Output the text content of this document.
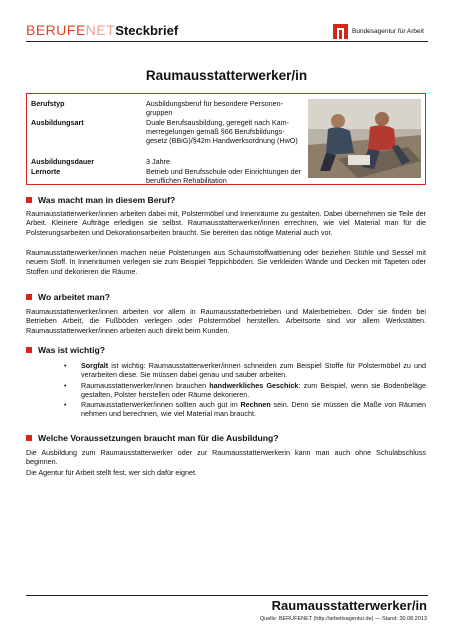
BERUFENETSteckbrief	Bundesagentur für Arbeit
Raumausstatterwerker/in
Berufstyp	Ausbildungsberuf für besondere Personen-gruppen
Ausbildungsart	Duale Berufsausbildung, geregelt nach Kam-merregelungen gemäß §66 Berufsbildungs-gesetz (BBiG)/§42m Handwerksordnung (HwO)
Ausbildungsdauer	3 Jahre
Lernorte	Betrieb und Berufsschule oder Einrichtungen der beruflichen Rehabilitation
Was macht man in diesem Beruf?
Raumausstatterwerker/innen arbeiten dabei mit, Polstermöbel und Innenräume zu gestalten. Dabei übernehmen sie Teile der Arbeit. Kleinere Aufträge erledigen sie selbst. Raumausstatterwerker/innen errechnen, wie viel Material man für die Polsterungsarbeiten und Dekorationsarbeiten braucht. Sie bereiten das nötige Material auch vor.
Raumausstatterwerker/innen machen neue Polsterungen aus Schaumstoffwattierung oder beziehen Stühle und Sessel mit neuem Stoff. In Innenräumen verlegen sie zum Beispiel Teppichböden. Sie verkleiden Wände und Decken mit Tapeten oder Stoffen und dekorieren die Räume.
Wo arbeitet man?
Raumausstatterwerker/innen arbeiten vor allem in Raumausstatterbetrieben und Malerbetrieben. Oder sie finden bei Betrieben Arbeit, die Fußböden verlegen oder Polstermöbel herstellen. Arbeitsorte sind vor allem Werkstätten. Raumausstatterwerker/innen arbeiten auch direkt beim Kunden.
Was ist wichtig?
• Sorgfalt ist wichtig: Raumausstatterwerker/innen schneiden zum Beispiel Stoffe für Polstermöbel zu und verarbeiten diese. Sie müssen dabei genau und sauber arbeiten.
• Raumausstatterwerker/innen brauchen handwerkliches Geschick: zum Beispiel, wenn sie Bodenbeläge gestalten, Polster herstellen oder Räume dekorieren.
• Raumausstatterwerker/innen sollten auch gut im Rechnen sein. Denn sie müssen die Maße von Räumen nehmen und berechnen, wie viel Material man braucht.
Welche Voraussetzungen braucht man für die Ausbildung?
Die Ausbildung zum Raumausstatterwerker oder zur Raumausstatterwerkerin kann man auch ohne Schulabschluss beginnen.
Die Agentur für Arbeit stellt fest, wer sich dafür eignet.
Raumausstatterwerker/in
Quelle: BERUFENET (http://arbeitsagentur.de) — Stand: 30.08.2013
